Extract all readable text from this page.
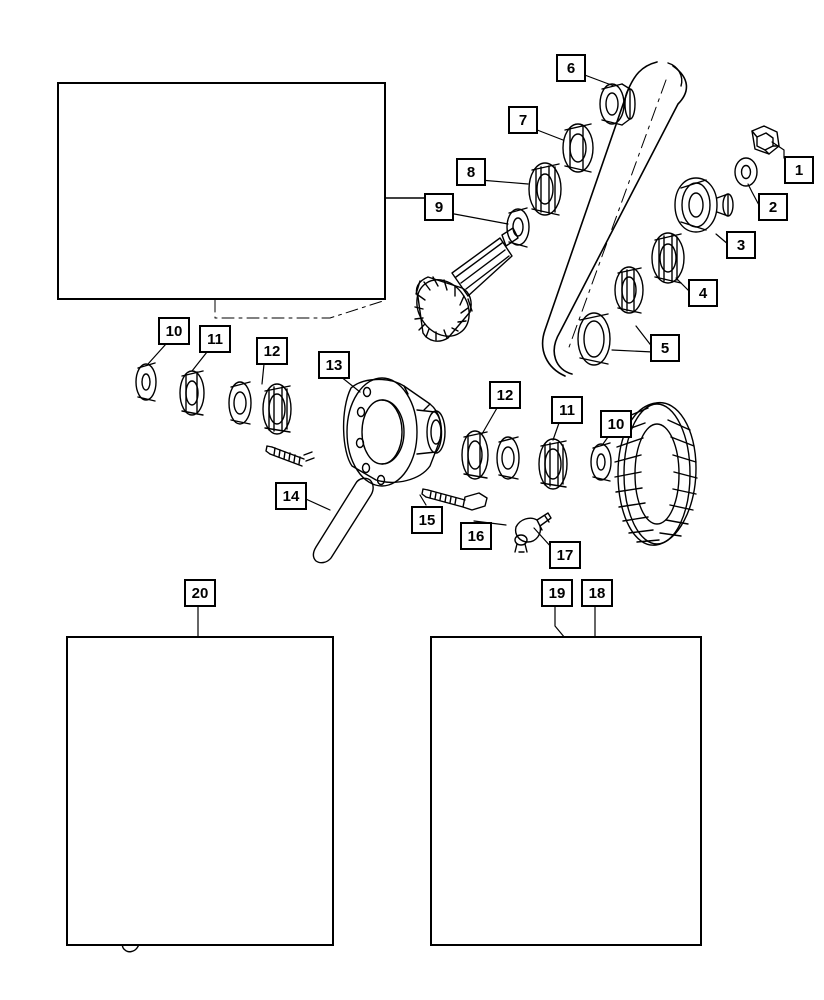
1
2
3
4
5
6
7
8
9
10 11
12
13
14
15
16
17
18
19
20
10
11
12
